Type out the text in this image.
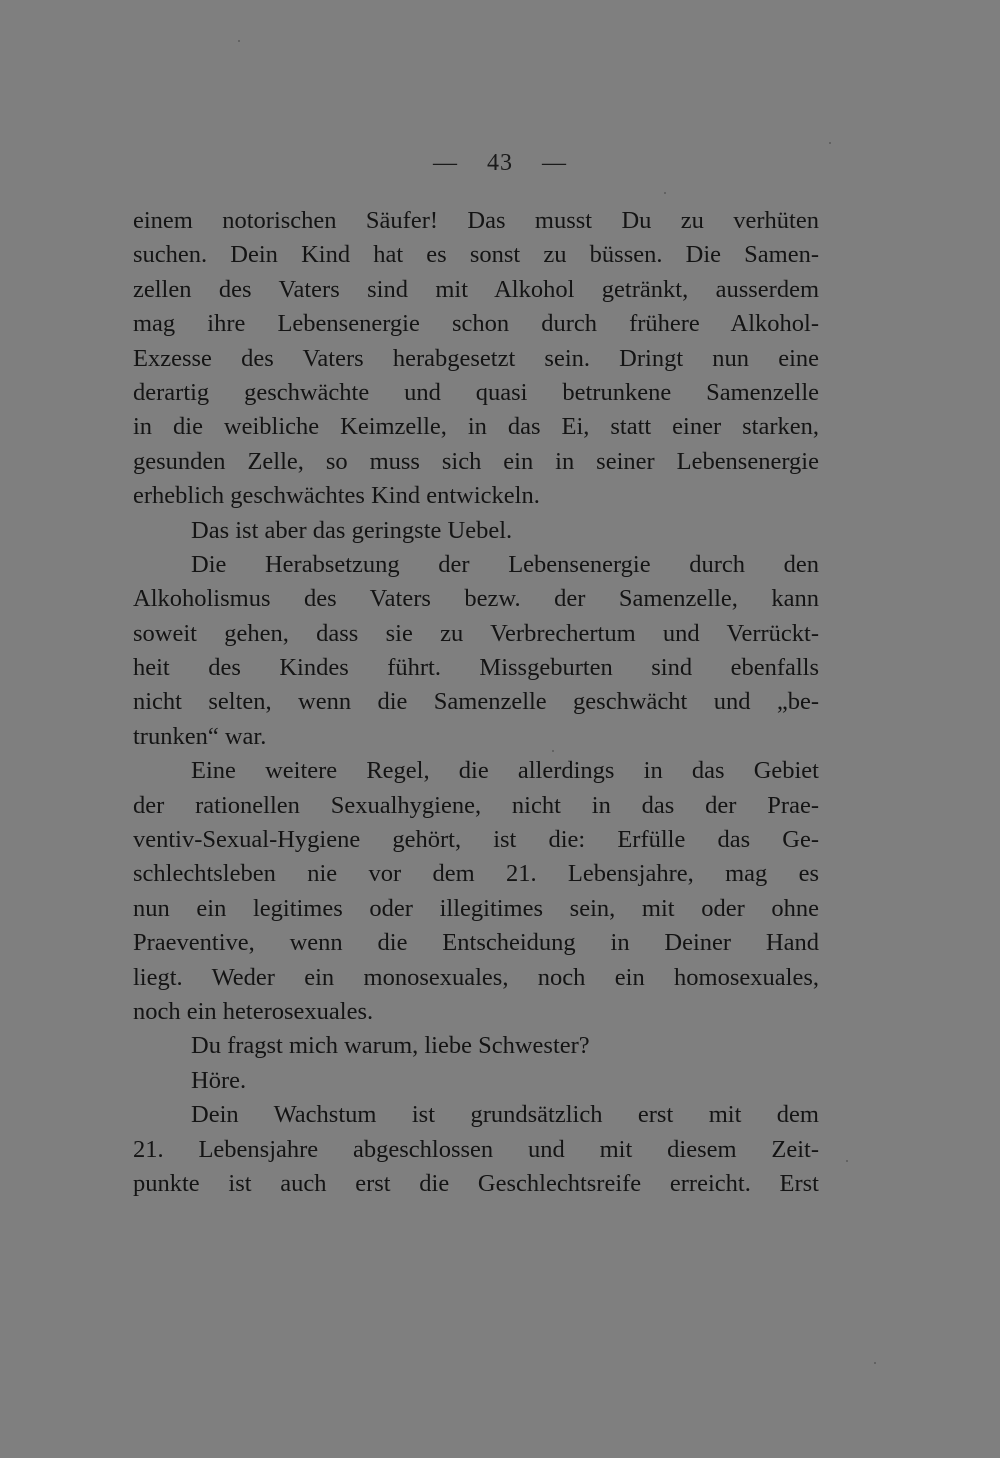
— 43 —
einem notorischen Säufer! Das musst Du zu verhüten
suchen. Dein Kind hat es sonst zu büssen. Die Samen-
zellen des Vaters sind mit Alkohol getränkt, ausserdem
mag ihre Lebensenergie schon durch frühere Alkohol-
Exzesse des Vaters herabgesetzt sein. Dringt nun eine
derartig geschwächte und quasi betrunkene Samenzelle
in die weibliche Keimzelle, in das Ei, statt einer starken,
gesunden Zelle, so muss sich ein in seiner Lebensenergie
erheblich geschwächtes Kind entwickeln.
Das ist aber das geringste Uebel.
Die Herabsetzung der Lebensenergie durch den
Alkoholismus des Vaters bezw. der Samenzelle, kann
soweit gehen, dass sie zu Verbrechertum und Verrückt-
heit des Kindes führt. Missgeburten sind ebenfalls
nicht selten, wenn die Samenzelle geschwächt und „be-
trunken“ war.
Eine weitere Regel, die allerdings in das Gebiet
der rationellen Sexualhygiene, nicht in das der Prae-
ventiv-Sexual-Hygiene gehört, ist die: Erfülle das Ge-
schlechtsleben nie vor dem 21. Lebensjahre, mag es
nun ein legitimes oder illegitimes sein, mit oder ohne
Praeventive, wenn die Entscheidung in Deiner Hand
liegt. Weder ein monosexuales, noch ein homosexuales,
noch ein heterosexuales.
Du fragst mich warum, liebe Schwester?
Höre.
Dein Wachstum ist grundsätzlich erst mit dem
21. Lebensjahre abgeschlossen und mit diesem Zeit-
punkte ist auch erst die Geschlechtsreife erreicht. Erst
